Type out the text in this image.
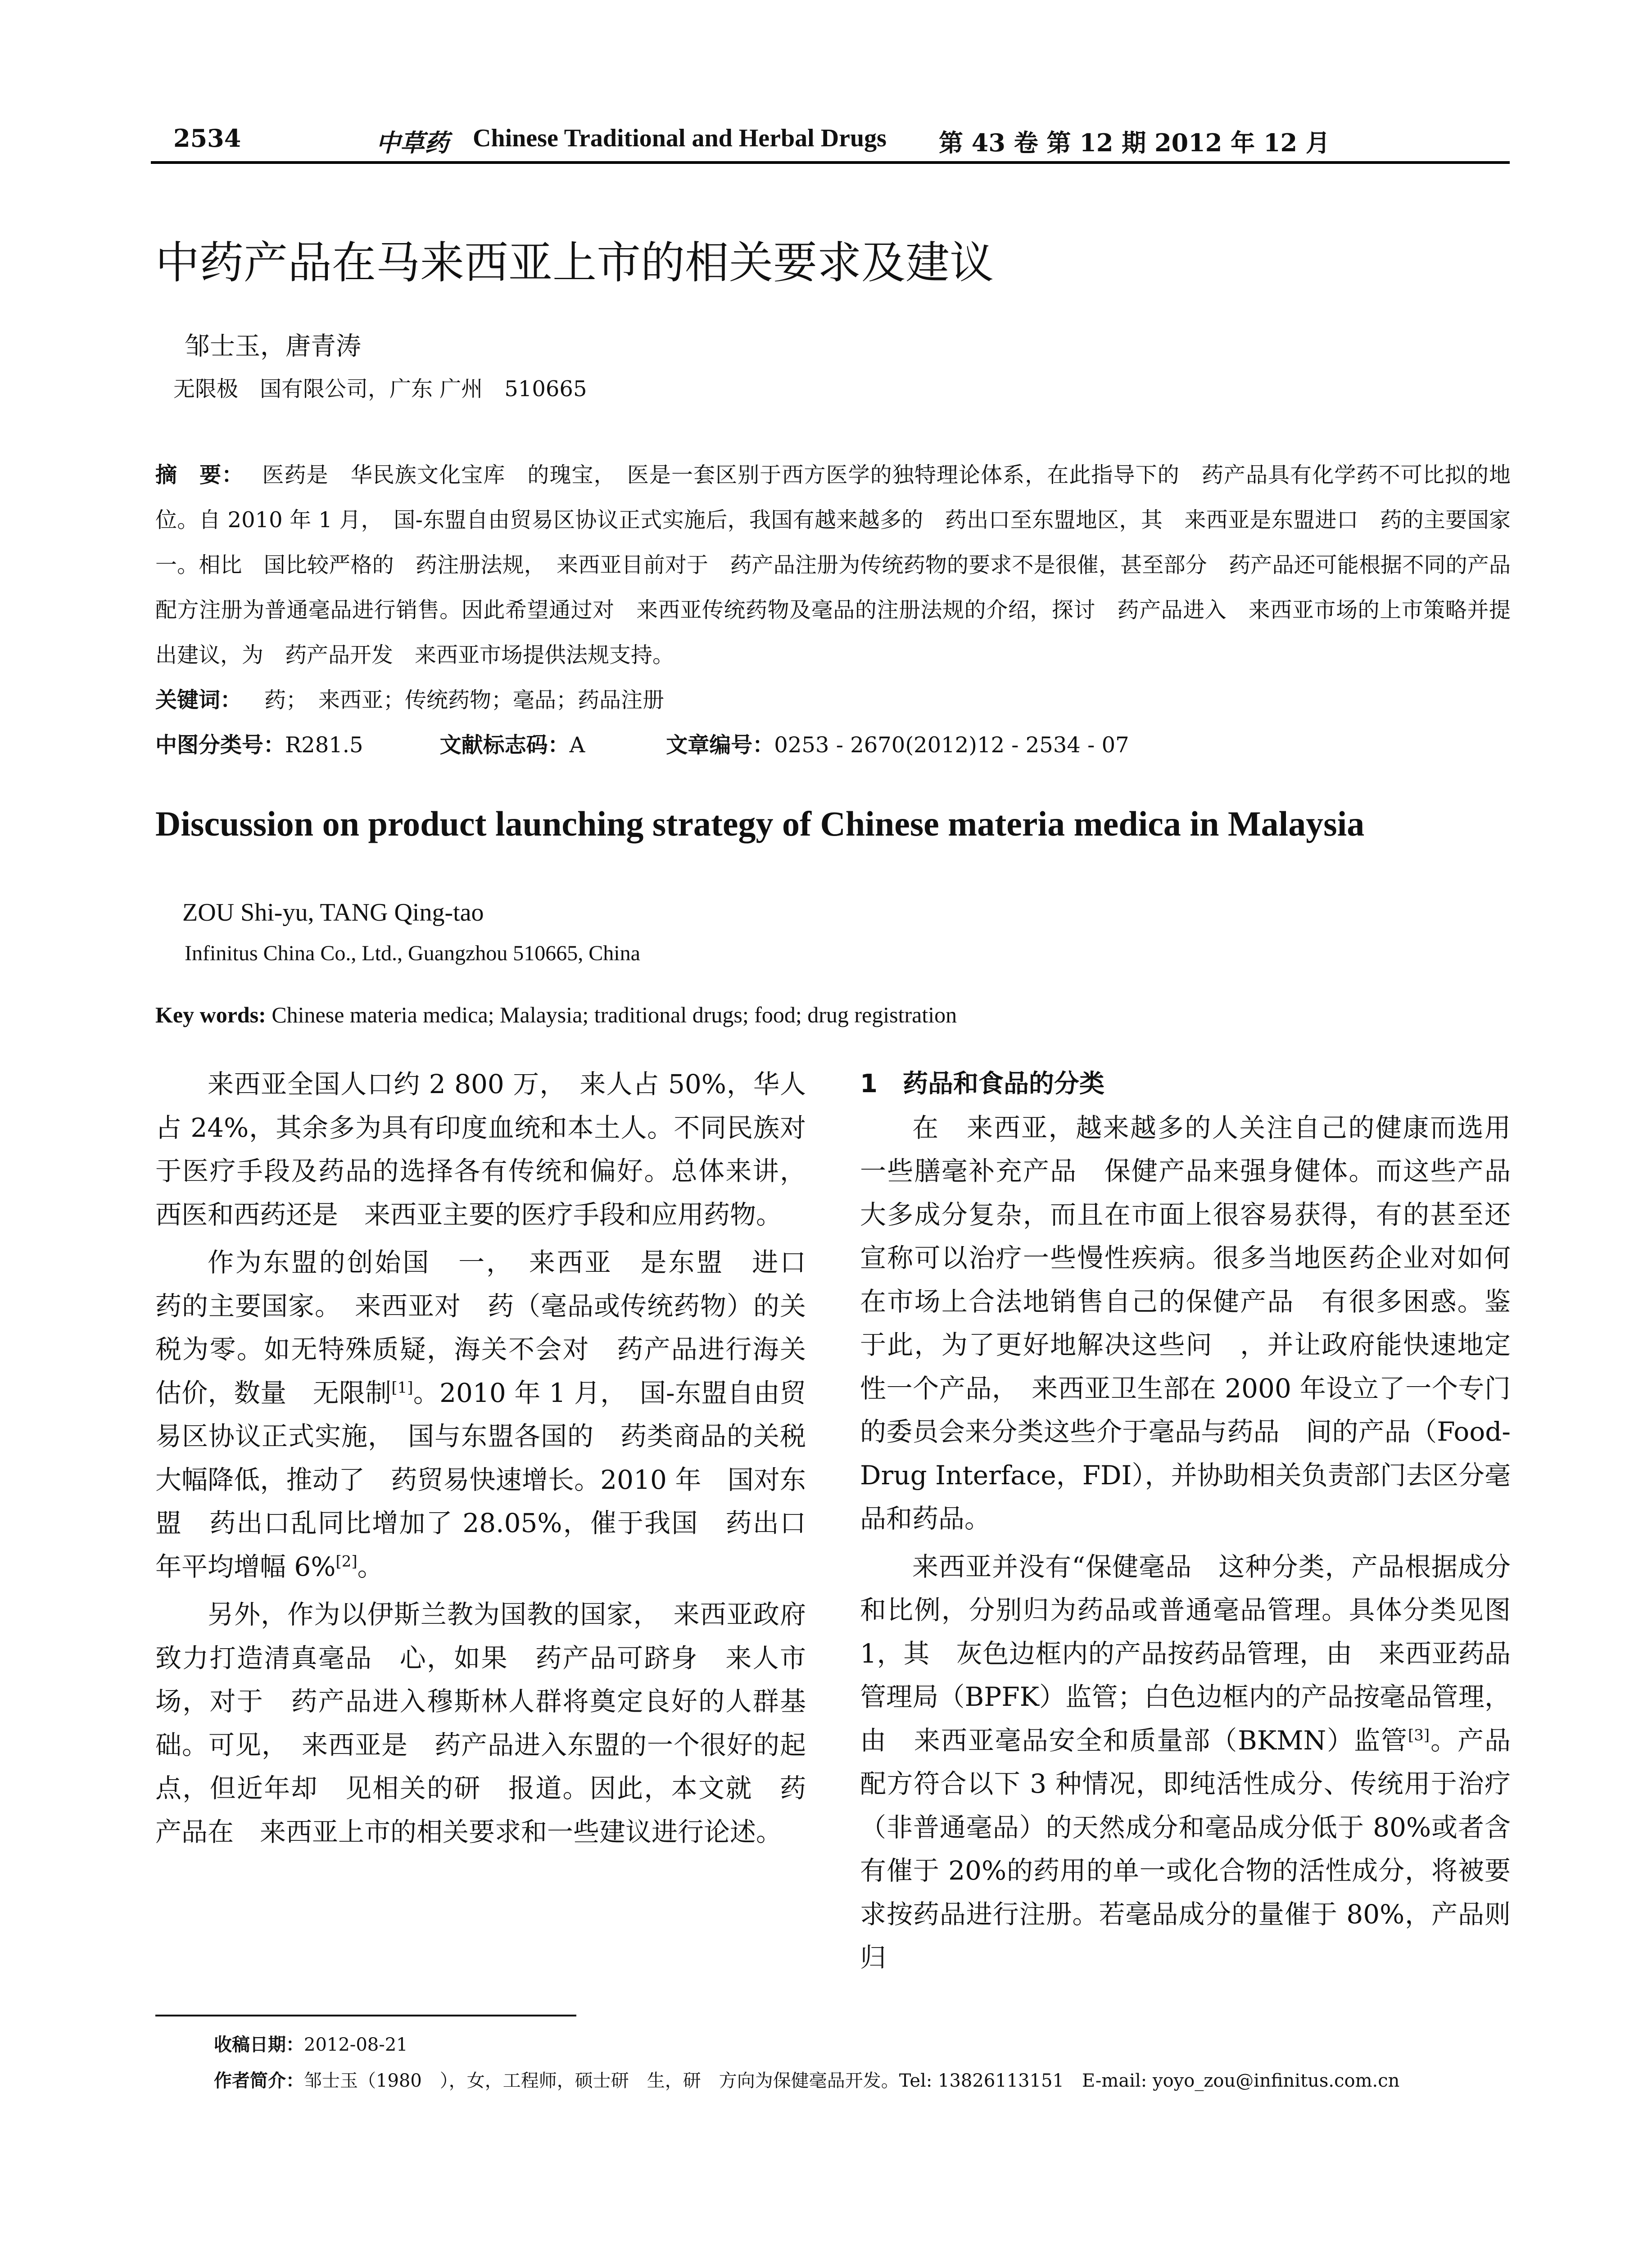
2534	中草药 Chinese Traditional and Herbal Drugs 第 43 卷 第 12 期 2012 年 12 月
中药产品在马来西亚上市的相关要求及建议
邹士玉，唐青涛
无限极　国有限公司，广东 广州　510665
摘　要： 医药是　华民族文化宝库　的瑰宝，　医是一套区别于西方医学的独特理论体系，在此指导下的　药产品具有化学药不可比拟的地位。自 2010 年 1 月，　国-东盟自由贸易区协议正式实施后，我国有越来越多的　药出口至东盟地区，其　来西亚是东盟进口　药的主要国家　一。相比　国比较严格的　药注册法规，　来西亚目前对于　药产品注册为传统药物的要求不是很催，甚至部分　药产品还可能根据不同的产品配方注册为普通毫品进行销售。因此希望通过对　来西亚传统药物及毫品的注册法规的介绍，探讨　药产品进入　来西亚市场的上市策略并提出建议，为　药产品开发　来西亚市场提供法规支持。
关键词： 药；　来西亚；传统药物；毫品；药品注册
中图分类号：R281.5	文献标志码：A	文章编号：0253 - 2670(2012)12 - 2534 - 07
Discussion on product launching strategy of Chinese materia medica in Malaysia
ZOU Shi-yu, TANG Qing-tao
Infinitus China Co., Ltd., Guangzhou 510665, China
Key words: Chinese materia medica; Malaysia; traditional drugs; food; drug registration

来西亚全国人口约 2 800 万，　来人占 50%，华人占 24%，其余多为具有印度血统和本土人。不同民族对于医疗手段及药品的选择各有传统和偏好。总体来讲，西医和西药还是　来西亚主要的医疗手段和应用药物。

作为东盟的创始国　一，　来西亚　是东盟　进口　药的主要国家。　来西亚对　药（毫品或传统药物）的关税为零。如无特殊质疑，海关不会对　药产品进行海关估价，数量　无限制[1]。2010 年 1 月，　国-东盟自由贸易区协议正式实施，　国与东盟各国的　药类商品的关税大幅降低，推动了　药贸易快速增长。2010 年　国对东盟　药出口乱同比增加了 28.05%，催于我国　药出口年平均增幅 6%[2]。

另外，作为以伊斯兰教为国教的国家，　来西亚政府致力打造清真毫品　心，如果　药产品可跻身　来人市场，对于　药产品进入穆斯林人群将奠定良好的人群基础。可见，　来西亚是　药产品进入东盟的一个很好的起点，但近年却　见相关的研　报道。因此，本文就　药产品在　来西亚上市的相关要求和一些建议进行论述。

1　药品和食品的分类

在　来西亚，越来越多的人关注自己的健康而选用一些膳毫补充产品　保健产品来强身健体。而这些产品大多成分复杂，而且在市面上很容易获得，有的甚至还宣称可以治疗一些慢性疾病。很多当地医药企业对如何在市场上合法地销售自己的保健产品　有很多困惑。鉴于此，为了更好地解决这些问　，并让政府能快速地定性一个产品，　来西亚卫生部在 2000 年设立了一个专门的委员会来分类这些介于毫品与药品　间的产品（Food-Drug Interface，FDI），并协助相关负责部门去区分毫品和药品。

来西亚并没有“保健毫品　这种分类，产品根据成分和比例，分别归为药品或普通毫品管理。具体分类见图 1，其　灰色边框内的产品按药品管理，由　来西亚药品管理局（BPFK）监管；白色边框内的产品按毫品管理，由　来西亚毫品安全和质量部（BKMN）监管[3]。产品配方符合以下 3 种情况，即纯活性成分、传统用于治疗（非普通毫品）的天然成分和毫品成分低于 80%或者含有催于 20%的药用的单一或化合物的活性成分，将被要求按药品进行注册。若毫品成分的量催于 80%，产品则归

收稿日期：2012-08-21
作者简介：邹士玉（1980　），女，工程师，硕士研　生，研　方向为保健毫品开发。Tel: 13826113151　E-mail: yoyo_zou@infinitus.com.cn
